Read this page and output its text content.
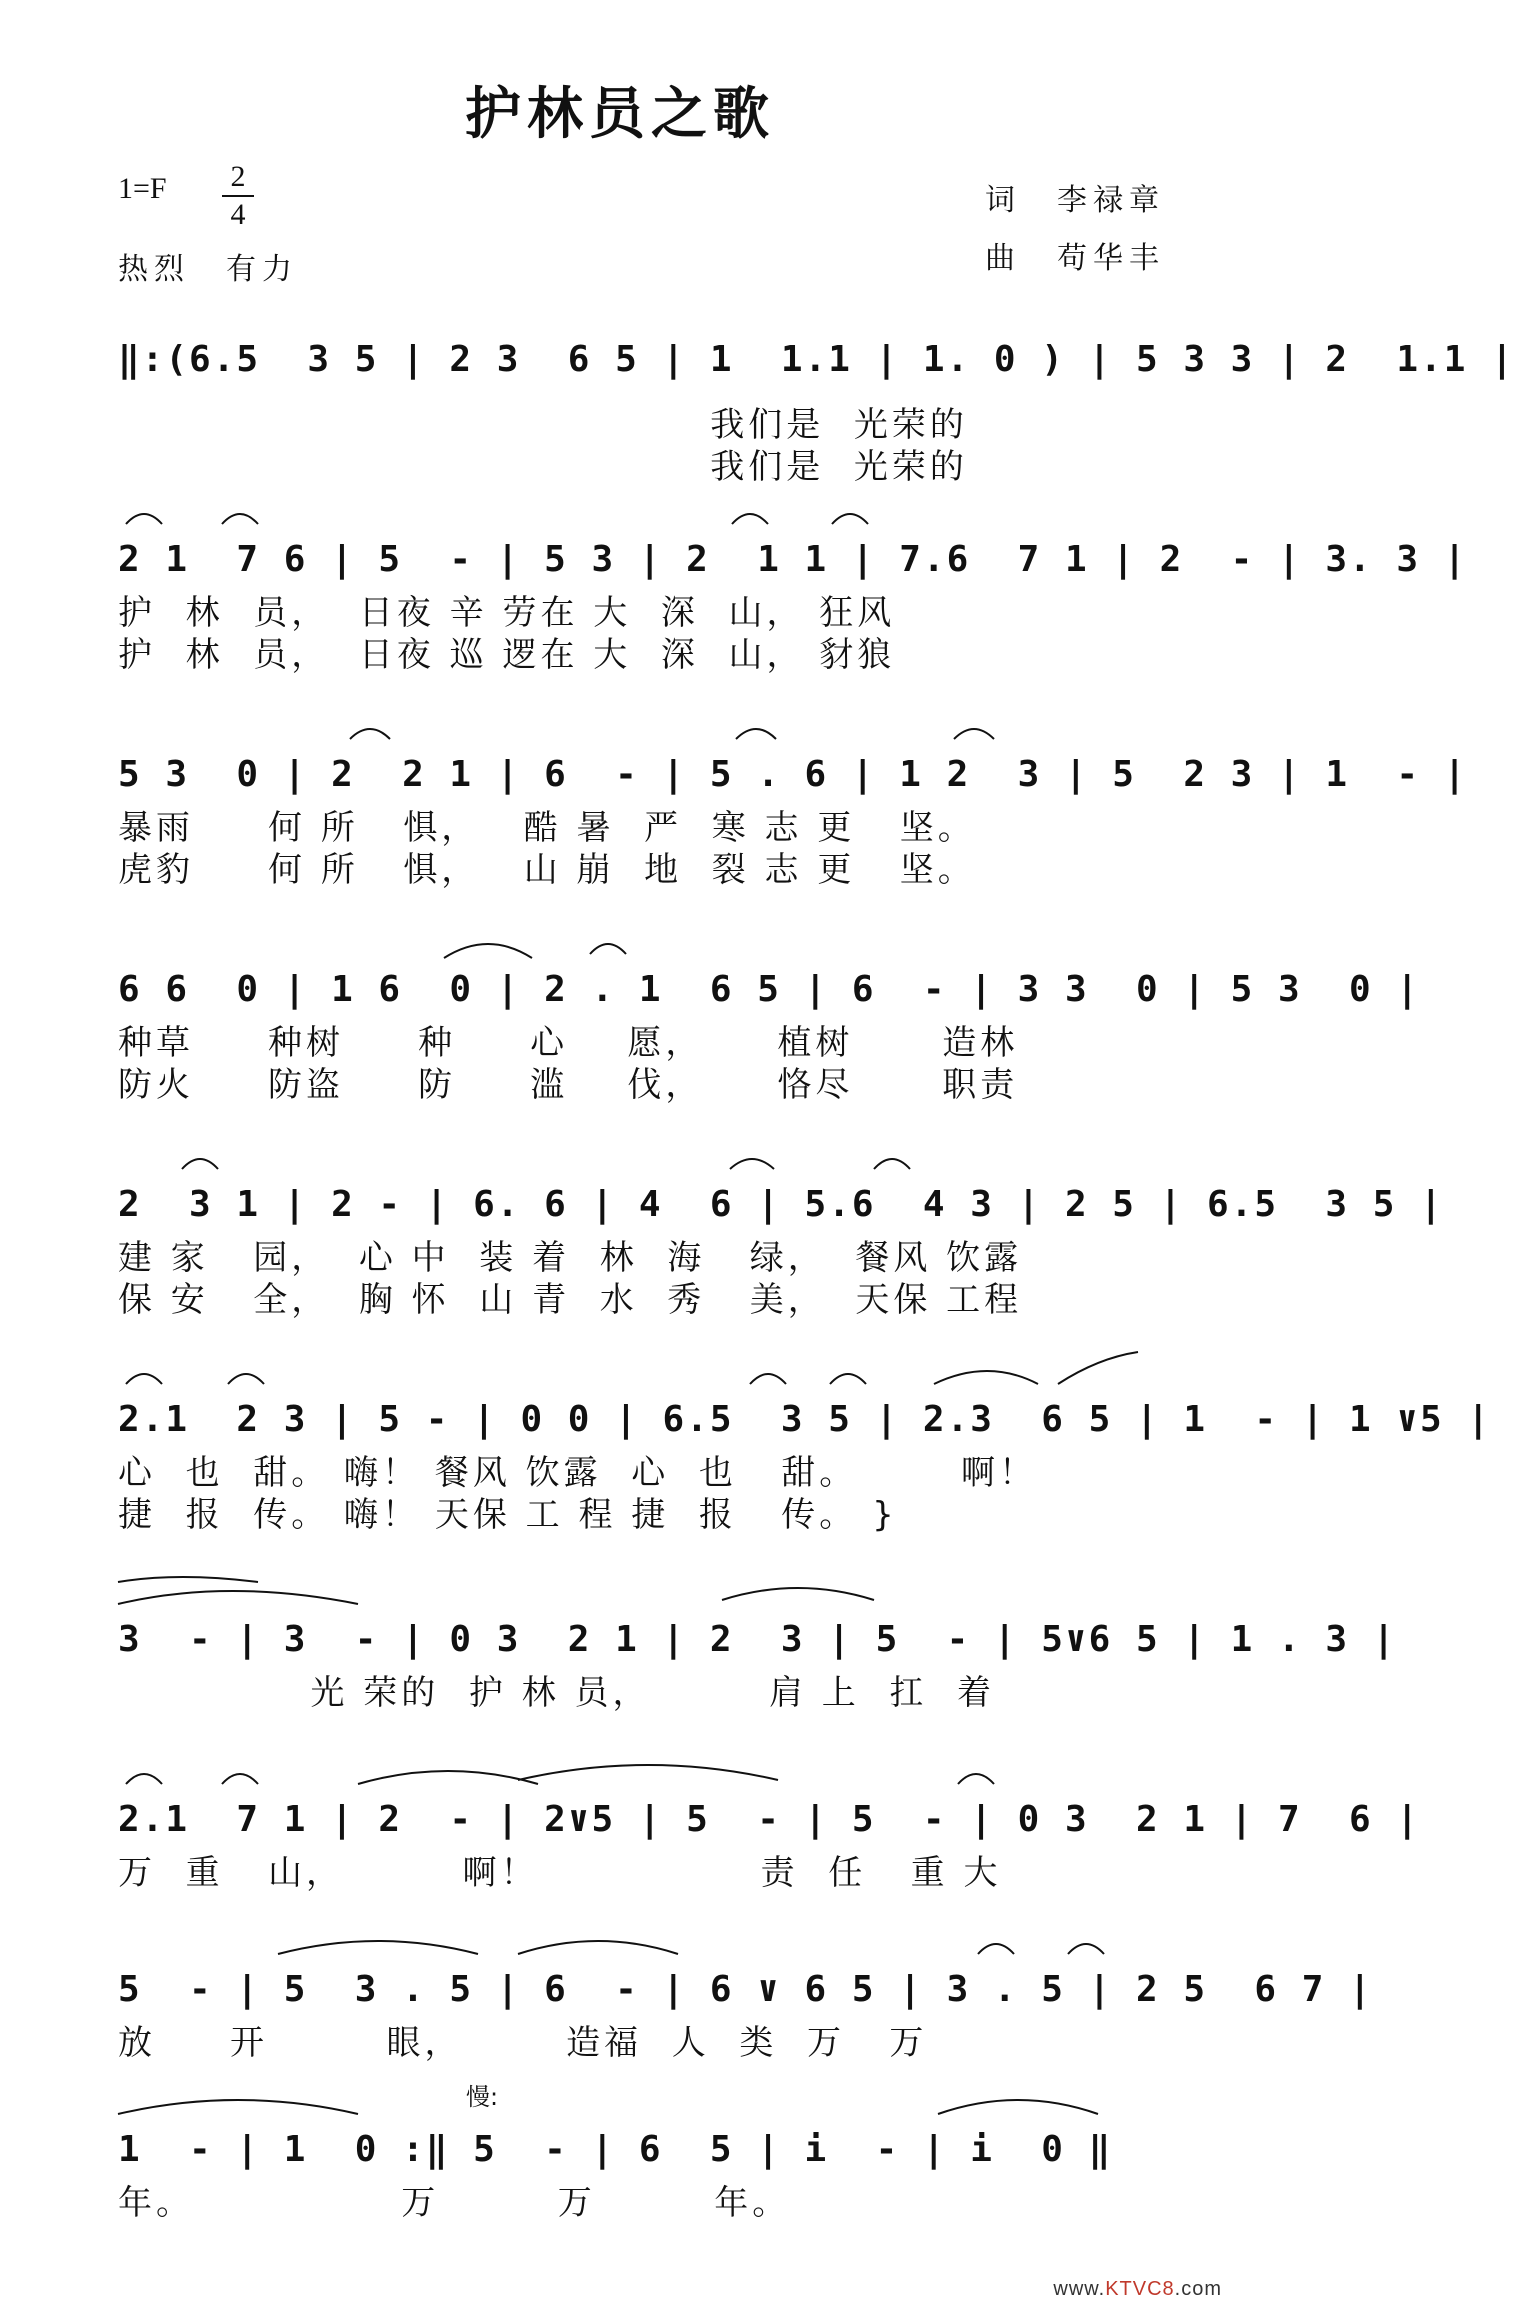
护林员之歌
1=F 2
4
热烈　有力
词　李禄章
曲　苟华丰
‖:(6.5  3 5 | 2 3  6 5 | 1  1.1 | 1. 0 ) | 5 3 3 | 2  1.1 |
我们是  光荣的
我们是  光荣的
2 1  7 6 | 5  - | 5 3 | 2  1 1 | 7.6  7 1 | 2  - | 3. 3 |
护  林  员，  日夜 辛 劳在 大  深  山， 狂风
护  林  员，  日夜 巡 逻在 大  深  山， 豺狼
5 3  0 | 2  2 1 | 6  - | 5 . 6 | 1 2  3 | 5  2 3 | 1  - |
暴雨     何 所   惧，   酷 暑  严  寒 志 更   坚。
虎豹     何 所   惧，   山 崩  地  裂 志 更   坚。
6 6  0 | 1 6  0 | 2 . 1  6 5 | 6  - | 3 3  0 | 5 3  0 |
种草     种树     种     心    愿，     植树      造林
防火     防盗     防     滥    伐，     恪尽      职责
2  3 1 | 2 - | 6. 6 | 4  6 | 5.6  4 3 | 2 5 | 6.5  3 5 |
建 家   园，  心 中  装 着  林  海   绿，  餐风 饮露
保 安   全，  胸 怀  山 青  水  秀   美，  天保 工程
2.1  2 3 | 5 - | 0 0 | 6.5  3 5 | 2.3  6 5 | 1  - | 1 ∨5 |
心  也  甜。 嗨！ 餐风 饮露  心  也   甜。       啊！
捷  报  传。 嗨！ 天保 工 程 捷  报   传。 }
3  - | 3  - | 0 3  2 1 | 2  3 | 5  - | 5∨6 5 | 1 . 3 |
光 荣的  护 林 员，        肩 上  扛  着
2.1  7 1 | 2  - | 2∨5 | 5  - | 5  - | 0 3  2 1 | 7  6 |
万  重   山，        啊！               责  任   重 大
5  - | 5  3 . 5 | 6  - | 6 ∨ 6 5 | 3 . 5 | 2 5  6 7 |
放     开        眼，       造福  人  类  万   万
慢:
1  - | 1  0 :‖ 5  - | 6  5 | i  - | i  0 ‖
年。              万        万        年。
www.KTVC8.com
